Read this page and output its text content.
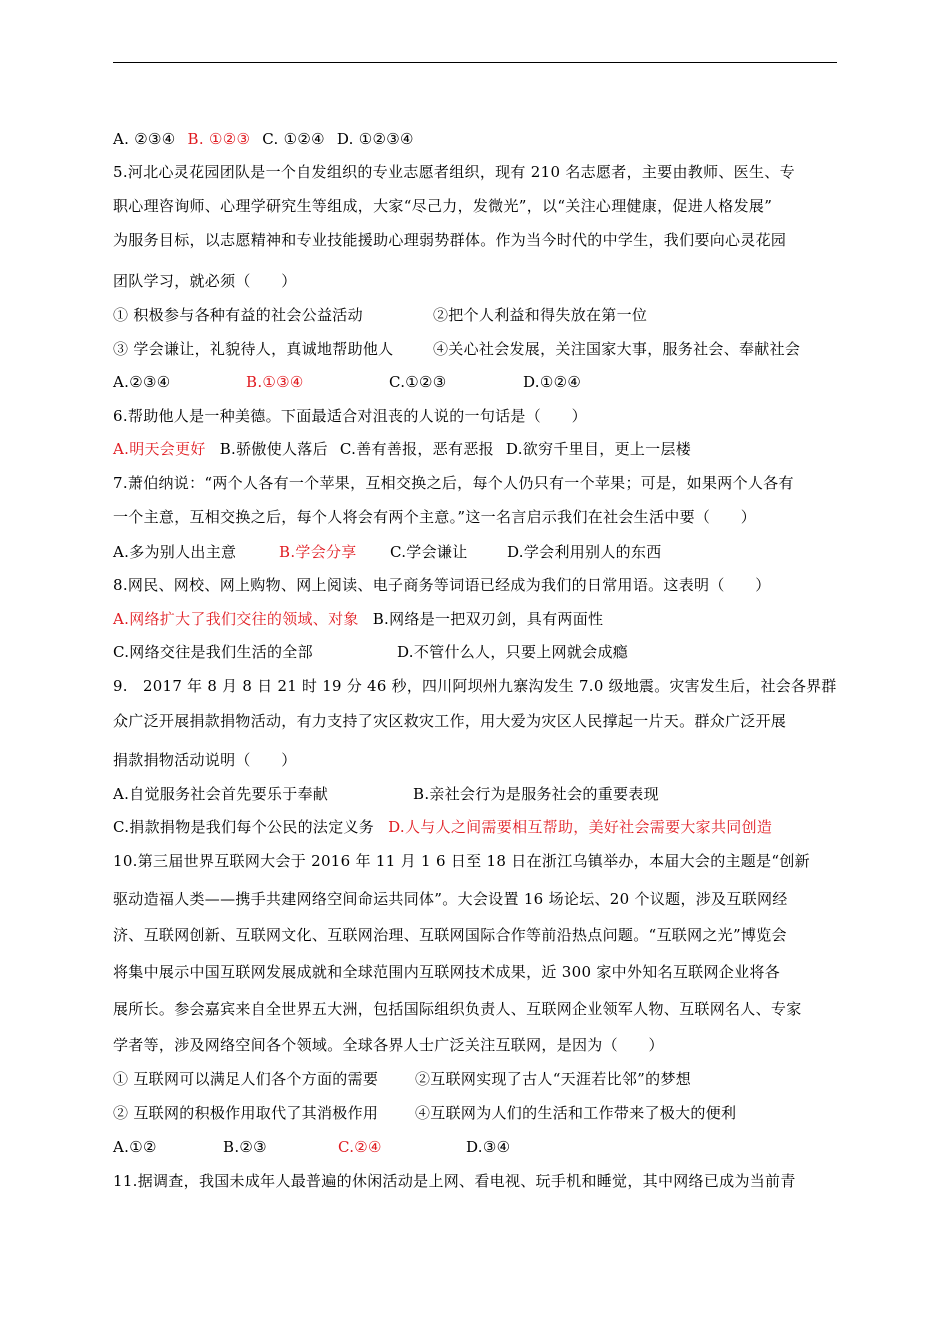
A. ②③④ B. ①②③ C. ①②④ D. ①②③④
5.河北心灵花园团队是一个自发组织的专业志愿者组织，现有 210 名志愿者，主要由教师、医生、专
职心理咨询师、心理学研究生等组成，大家“尽己力，发微光”，以“关注心理健康，促进人格发展”
为服务目标，以志愿精神和专业技能援助心理弱势群体。作为当今时代的中学生，我们要向心灵花园
团队学习，就必须（　　）
① 积极参与各种有益的社会公益活动	②把个人利益和得失放在第一位
③ 学会谦让，礼貌待人，真诚地帮助他人	④关心社会发展，关注国家大事，服务社会、奉献社会
A.②③④	B.①③④	C.①②③	D.①②④
6.帮助他人是一种美德。下面最适合对沮丧的人说的一句话是（　　）
A.明天会更好 B.骄傲使人落后 C.善有善报，恶有恶报 D.欲穷千里目，更上一层楼
7.萧伯纳说：“两个人各有一个苹果，互相交换之后，每个人仍只有一个苹果；可是，如果两个人各有
一个主意，互相交换之后，每个人将会有两个主意。”这一名言启示我们在社会生活中要（　　）
A.多为别人出主意	B.学会分享 C.学会谦让	D.学会利用别人的东西
8.网民、网校、网上购物、网上阅读、电子商务等词语已经成为我们的日常用语。这表明（　　）
A.网络扩大了我们交往的领域、对象 B.网络是一把双刃剑，具有两面性
C.网络交往是我们生活的全部	D.不管什么人，只要上网就会成瘾
9.　2017 年 8 月 8 日 21 时 19 分 46 秒，四川阿坝州九寨沟发生 7.0 级地震。灾害发生后，社会各界群
众广泛开展捐款捐物活动，有力支持了灾区救灾工作，用大爱为灾区人民撑起一片天。群众广泛开展
捐款捐物活动说明（　　）
A.自觉服务社会首先要乐于奉献	B.亲社会行为是服务社会的重要表现
C.捐款捐物是我们每个公民的法定义务 D.人与人之间需要相互帮助，美好社会需要大家共同创造
10.第三届世界互联网大会于 2016 年 11 月 1 6 日至 18 日在浙江乌镇举办，本届大会的主题是“创新
驱动造福人类——携手共建网络空间命运共同体”。大会设置 16 场论坛、20 个议题，涉及互联网经
济、互联网创新、互联网文化、互联网治理、互联网国际合作等前沿热点问题。“互联网之光”博览会
将集中展示中国互联网发展成就和全球范围内互联网技术成果，近 300 家中外知名互联网企业将各
展所长。参会嘉宾来自全世界五大洲，包括国际组织负责人、互联网企业领军人物、互联网名人、专家
学者等，涉及网络空间各个领域。全球各界人士广泛关注互联网，是因为（　　）
① 互联网可以满足人们各个方面的需要 ②互联网实现了古人“天涯若比邻”的梦想
② 互联网的积极作用取代了其消极作用 ④互联网为人们的生活和工作带来了极大的便利
A.①②	B.②③	C.②④	D.③④
11.据调查，我国未成年人最普遍的休闲活动是上网、看电视、玩手机和睡觉，其中网络已成为当前青
